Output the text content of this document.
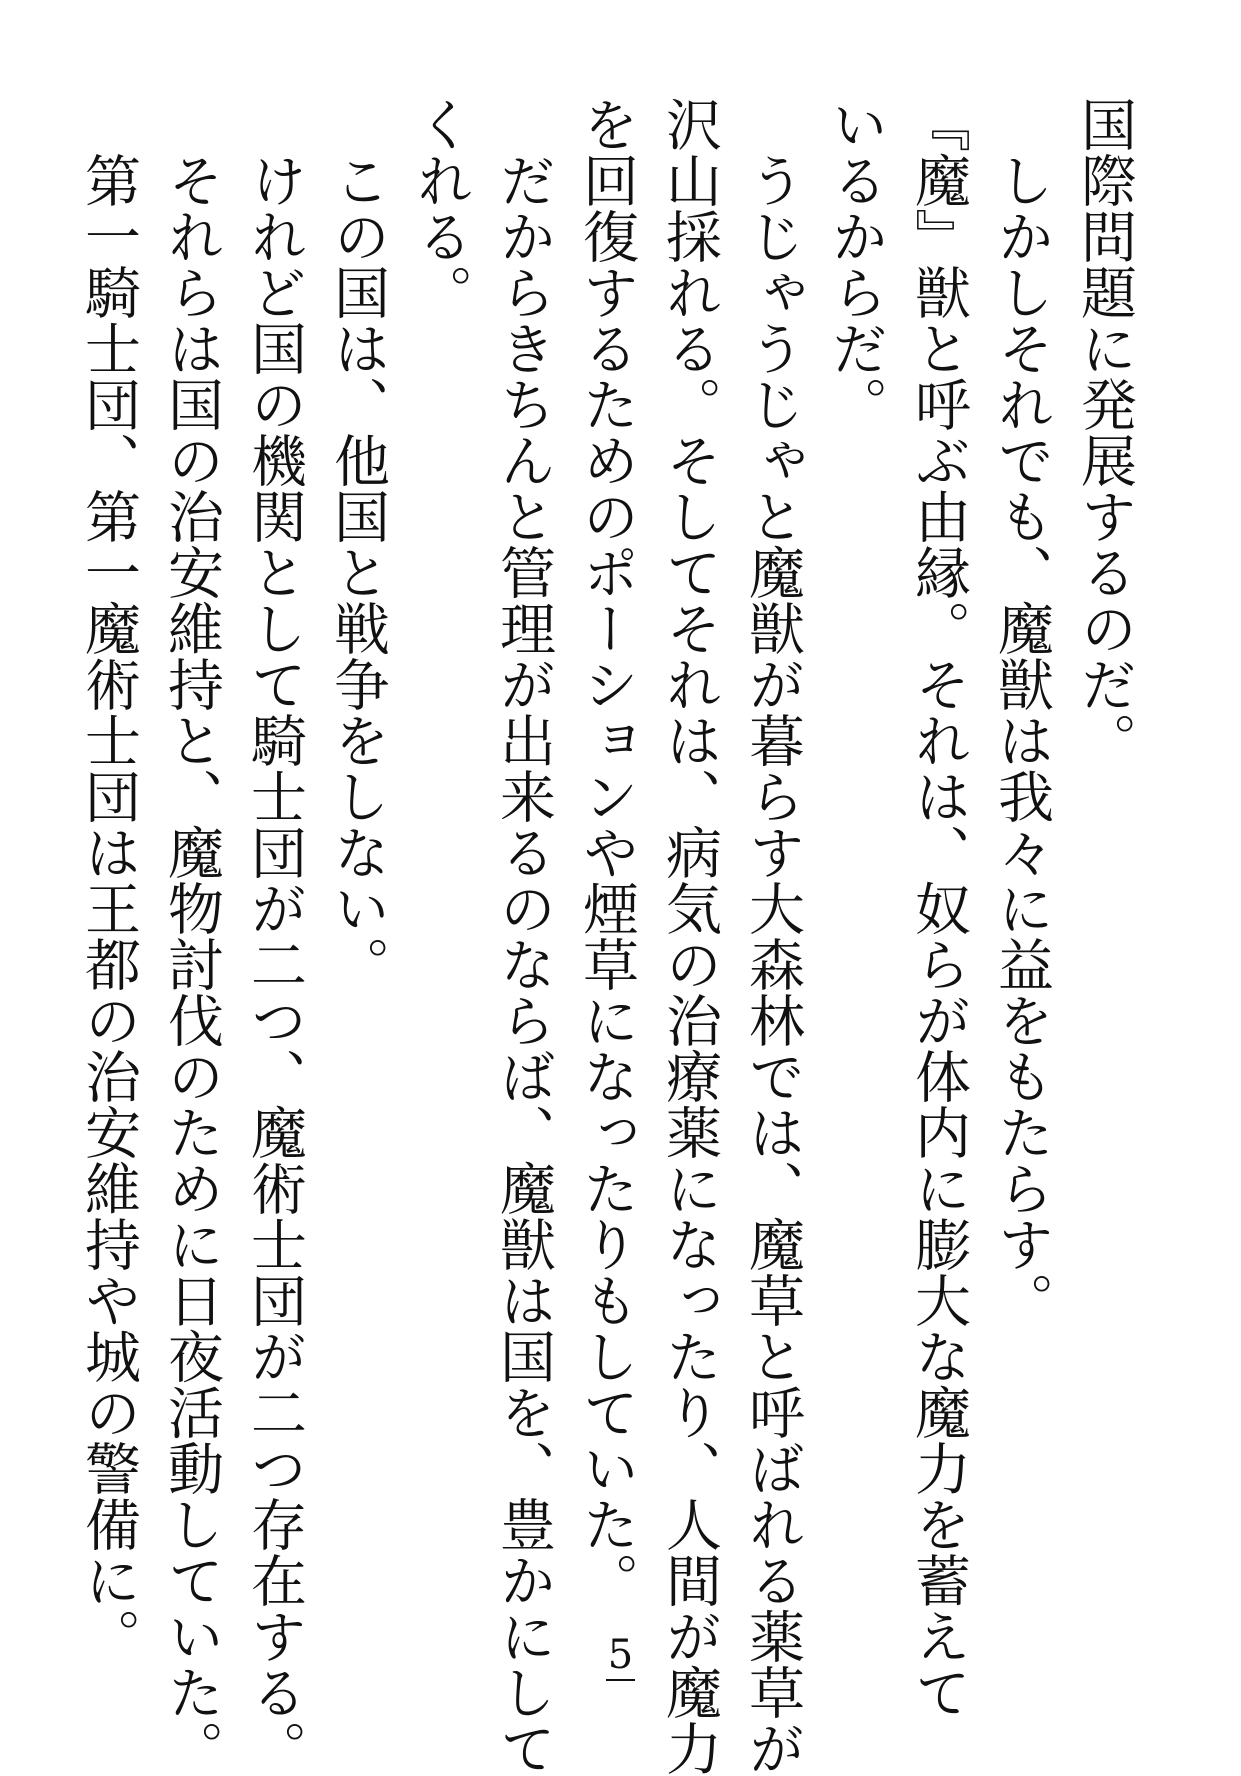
国際問題に発展するのだ。
　しかしそれでも、魔獣は我々に益をもたらす。
『魔』獣と呼ぶ由縁。それは、奴らが体内に膨大な魔力を蓄えて
いるからだ。
　うじゃうじゃと魔獣が暮らす大森林では、魔草と呼ばれる薬草が
沢山採れる。そしてそれは、病気の治療薬になったり、人間が魔力
を回復するためのポーションや煙草になったりもしていた。
　だからきちんと管理が出来るのならば、魔獣は国を、豊かにして
くれる。
　この国は、他国と戦争をしない。
　けれど国の機関として騎士団が二つ、魔術士団が二つ存在する。
　それらは国の治安維持と、魔物討伐のために日夜活動していた。
　第一騎士団、第一魔術士団は王都の治安維持や城の警備に。	5
